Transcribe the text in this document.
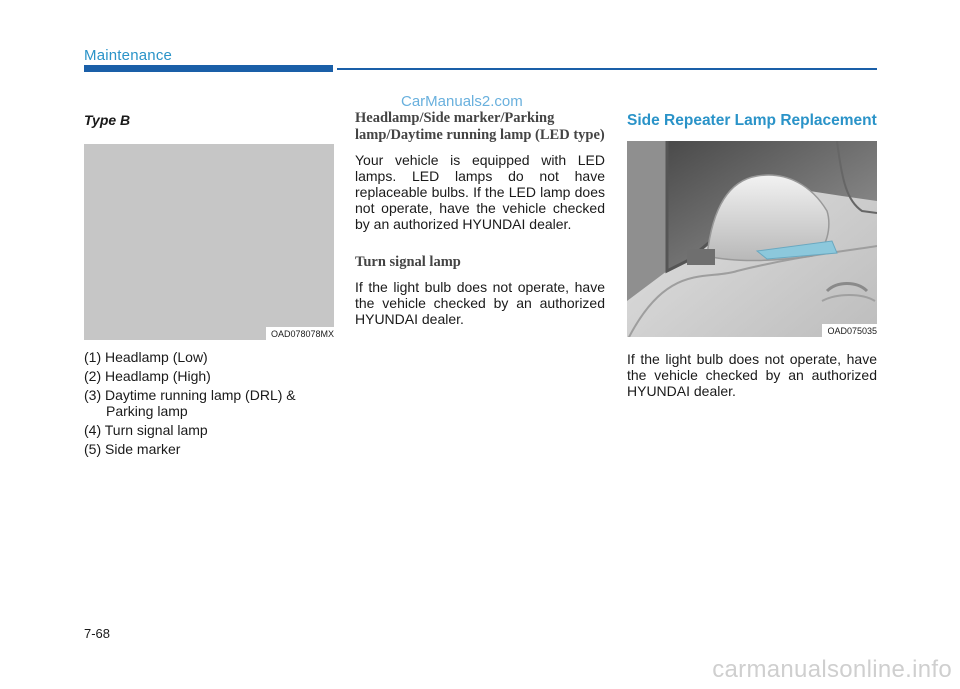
Maintenance
CarManuals2.com
Type B
OAD078078MX
(1) Headlamp (Low)
(2) Headlamp (High)
(3) Daytime running lamp (DRL) & Parking lamp
(4) Turn signal lamp
(5) Side marker
Headlamp/Side marker/Parking lamp/Daytime running lamp (LED type)

Your vehicle is equipped with LED lamps. LED lamps do not have replaceable bulbs. If the LED lamp does not operate, have the vehicle checked by an authorized HYUNDAI dealer.

Turn signal lamp

If the light bulb does not operate, have the vehicle checked by an authorized HYUNDAI dealer.

Side Repeater Lamp Replacement
OAD075035

If the light bulb does not operate, have the vehicle checked by an authorized HYUNDAI dealer.

7-68
carmanualsonline.info
